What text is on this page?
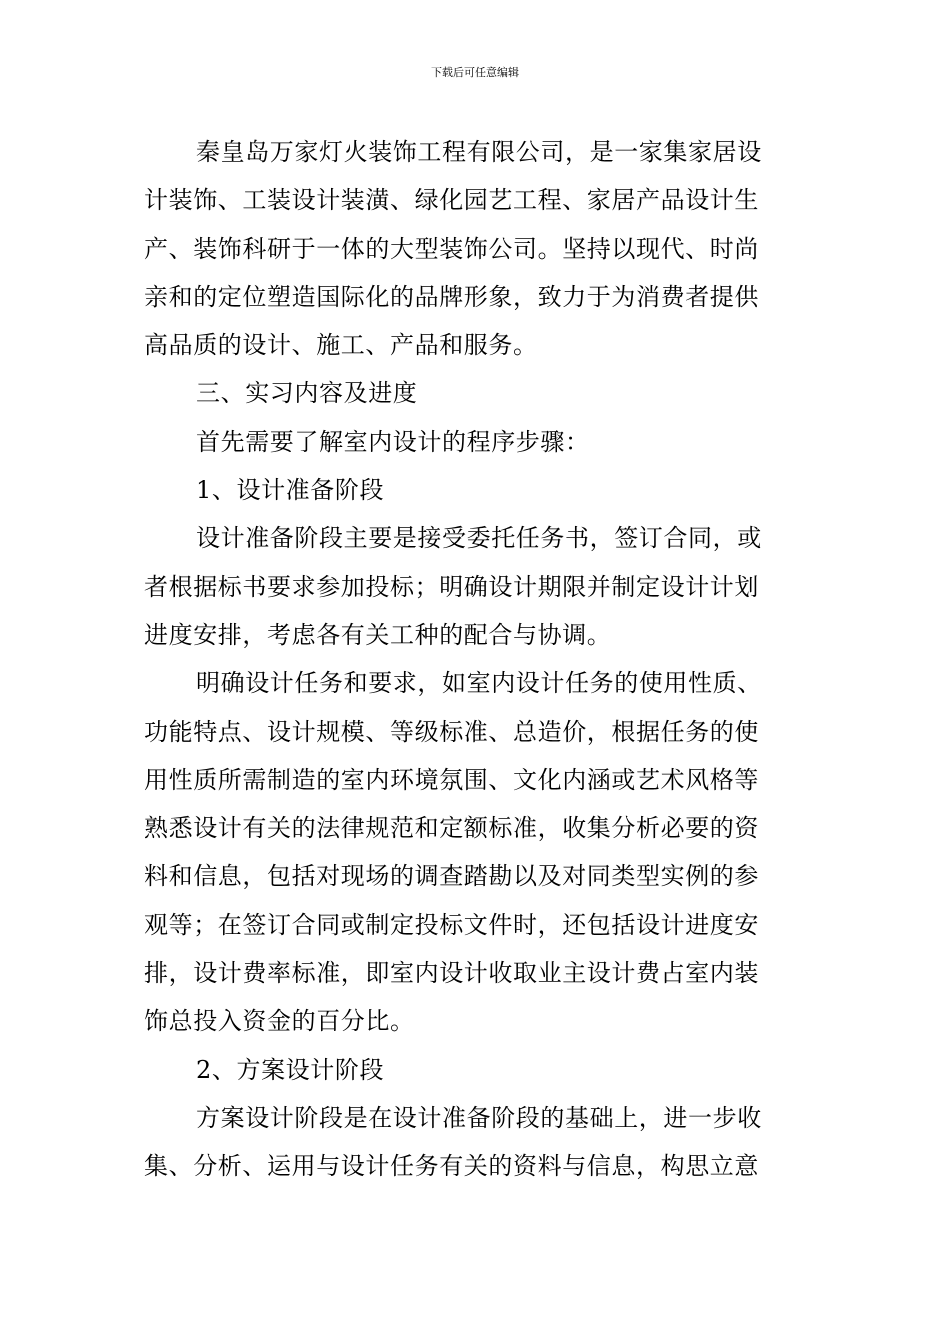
下载后可任意编辑
秦皇岛万家灯火装饰工程有限公司，是一家集家居设
计装饰、工装设计装潢、绿化园艺工程、家居产品设计生
产、装饰科研于一体的大型装饰公司。坚持以现代、时尚
亲和的定位塑造国际化的品牌形象，致力于为消费者提供
高品质的设计、施工、产品和服务。
三、实习内容及进度
首先需要了解室内设计的程序步骤：
1、设计准备阶段
设计准备阶段主要是接受委托任务书，签订合同，或
者根据标书要求参加投标；明确设计期限并制定设计计划
进度安排，考虑各有关工种的配合与协调。
明确设计任务和要求，如室内设计任务的使用性质、
功能特点、设计规模、等级标准、总造价，根据任务的使
用性质所需制造的室内环境氛围、文化内涵或艺术风格等
熟悉设计有关的法律规范和定额标准，收集分析必要的资
料和信息，包括对现场的调查踏勘以及对同类型实例的参
观等；在签订合同或制定投标文件时，还包括设计进度安
排，设计费率标准，即室内设计收取业主设计费占室内装
饰总投入资金的百分比。
2、方案设计阶段
方案设计阶段是在设计准备阶段的基础上，进一步收
集、分析、运用与设计任务有关的资料与信息，构思立意
